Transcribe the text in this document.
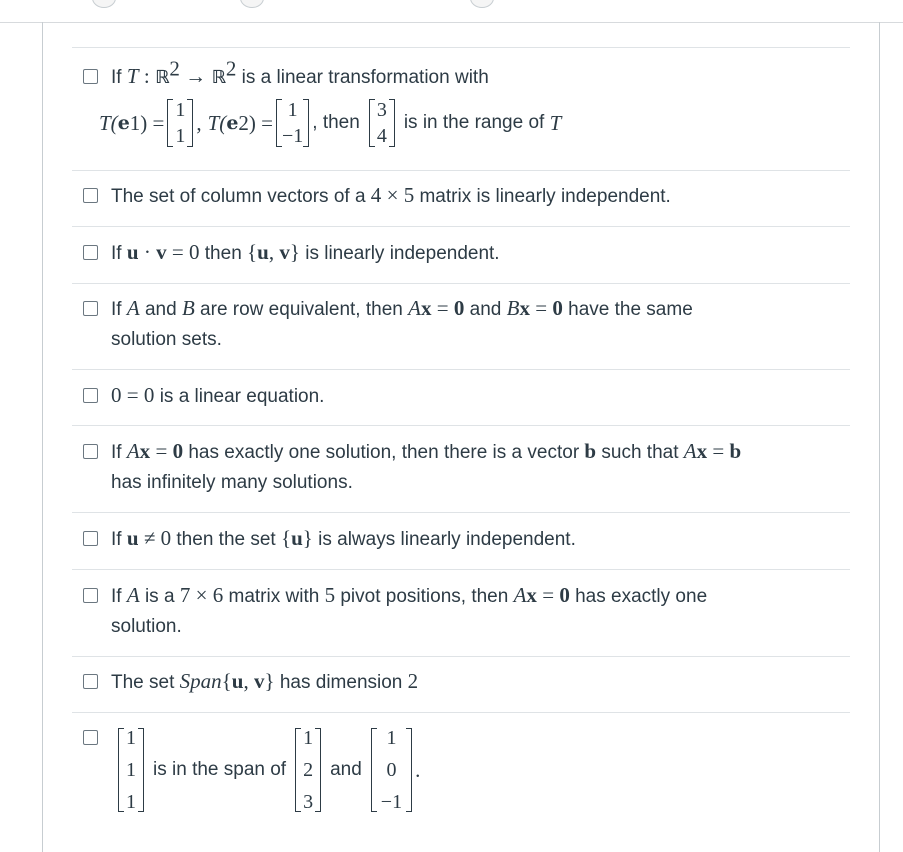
If T : ℝ$^2$ → ℝ$^2$ is a linear transformation with
T( e 1 ) =
1
1
, T( e 2 ) =
1
−1
, then
3
4
is in the range of
T
The set of column vectors of a 4 × 5 matrix is linearly independent.
If u · v = 0 then {u, v} is linearly independent.
If A and B are row equivalent, then Ax = 0 and Bx = 0 have the same
solution sets.
0 = 0 is a linear equation.
If Ax = 0 has exactly one solution, then there is a vector b such that Ax = b
has infinitely many solutions.
If u ≠ 0 then the set {u} is always linearly independent.
If A is a 7 × 6 matrix with 5 pivot positions, then Ax = 0 has exactly one
solution.
The set Span{u, v} has dimension 2
1
1
1
is in the span of
1
2
3
and
1
0
−1
.
